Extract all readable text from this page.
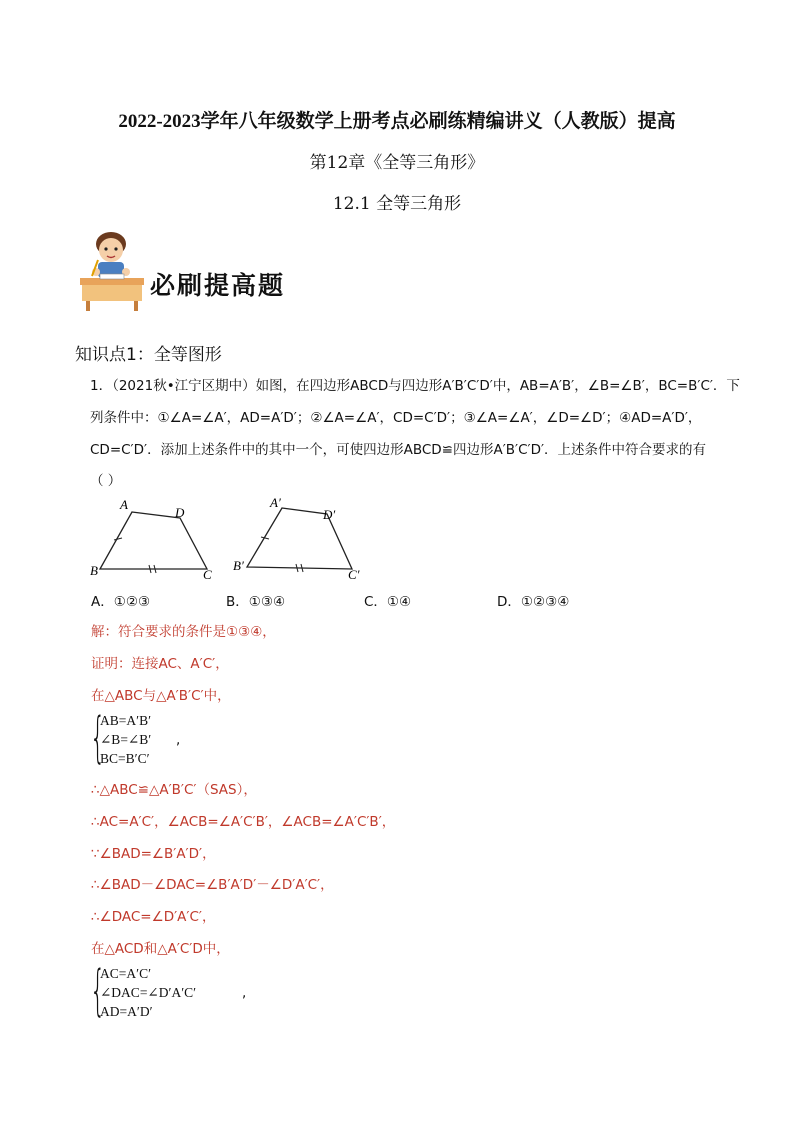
2022-2023学年八年级数学上册考点必刷练精编讲义（人教版）提高
第12章《全等三角形》
12.1 全等三角形
必刷提高题
知识点1：全等图形
1．（2021秋•江宁区期中）如图，在四边形ABCD与四边形A′B′C′D′中，AB=A′B′，∠B=∠B′，BC=B′C′．下
列条件中：①∠A=∠A′，AD=A′D′；②∠A=∠A′，CD=C′D′；③∠A=∠A′，∠D=∠D′；④AD=A′D′，
CD=C′D′．添加上述条件中的其中一个，可使四边形ABCD≌四边形A′B′C′D′．上述条件中符合要求的有
（ ）
A
D
B	C
A′
D′
B′
C′
A．①②③	B．①③④	C．①④	D．①②③④
解：符合要求的条件是①③④，
证明：连接AC、A′C′，
在△ABC与△A′B′C′中，
{
AB=A′B′
∠B=∠B′
BC=B′C′
,
∴△ABC≌△A′B′C′（SAS），
∴AC=A′C′，∠ACB=∠A′C′B′，∠ACB=∠A′C′B′，
∵∠BAD=∠B′A′D′，
∴∠BAD－∠DAC=∠B′A′D′－∠D′A′C′，
∴∠DAC=∠D′A′C′，
在△ACD和△A′C′D中，
{
AC=A′C′
∠DAC=∠D′A′C′
AD=A′D′
,
